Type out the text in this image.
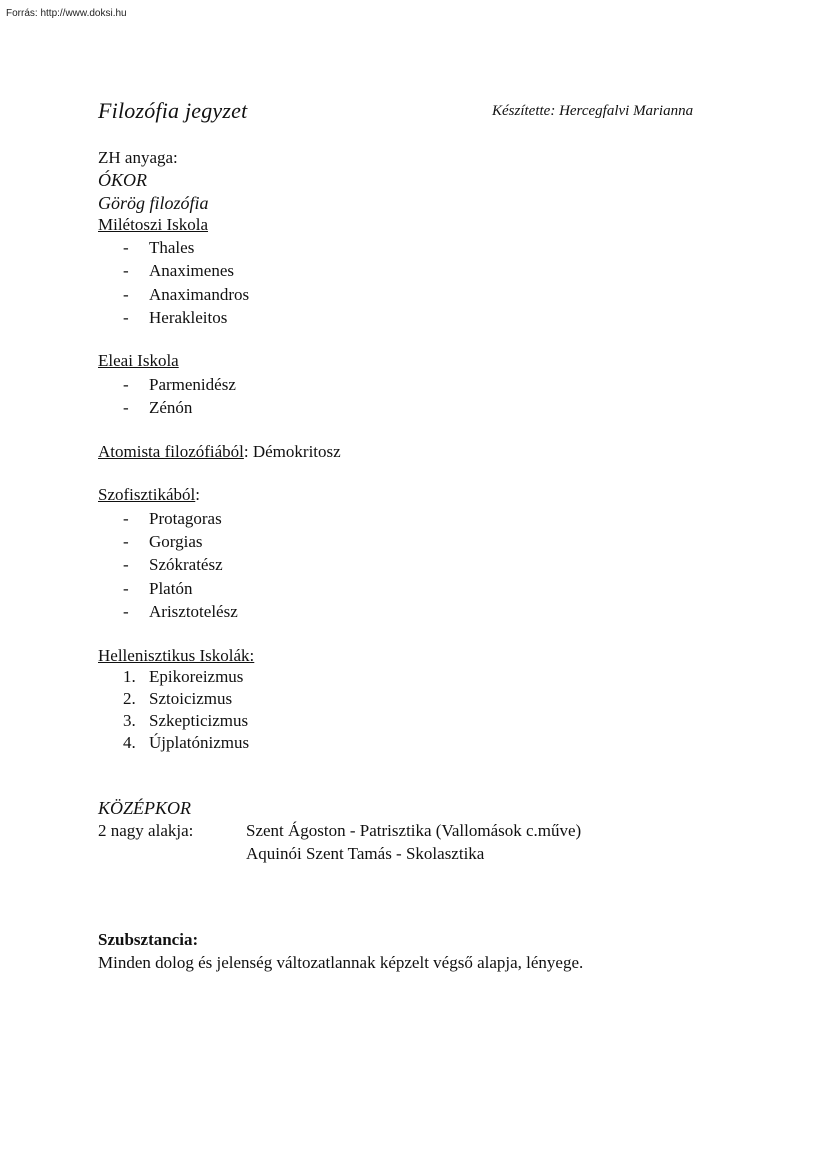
Forrás: http://www.doksi.hu
Filozófia jegyzet	Készítette: Hercegfalvi Marianna
ZH anyaga:
ÓKOR
Görög filozófia
Milétoszi Iskola
- Thales
- Anaximenes
- Anaximandros
- Herakleitos
Eleai Iskola
- Parmenidész
- Zénón
Atomista filozófiából: Démokritosz
Szofisztikából:
- Protagoras
- Gorgias
- Szókratész
- Platón
- Arisztotelész
Hellenisztikus Iskolák:
1. Epikoreizmus
2. Sztoicizmus
3. Szkepticizmus
4. Újplatónizmus
KÖZÉPKOR
2 nagy alakja:	Szent Ágoston - Patrisztika (Vallomások c.műve)
Aquinói Szent Tamás - Skolasztika
Szubsztancia:
Minden dolog és jelenség változatlannak képzelt végső alapja, lényege.
